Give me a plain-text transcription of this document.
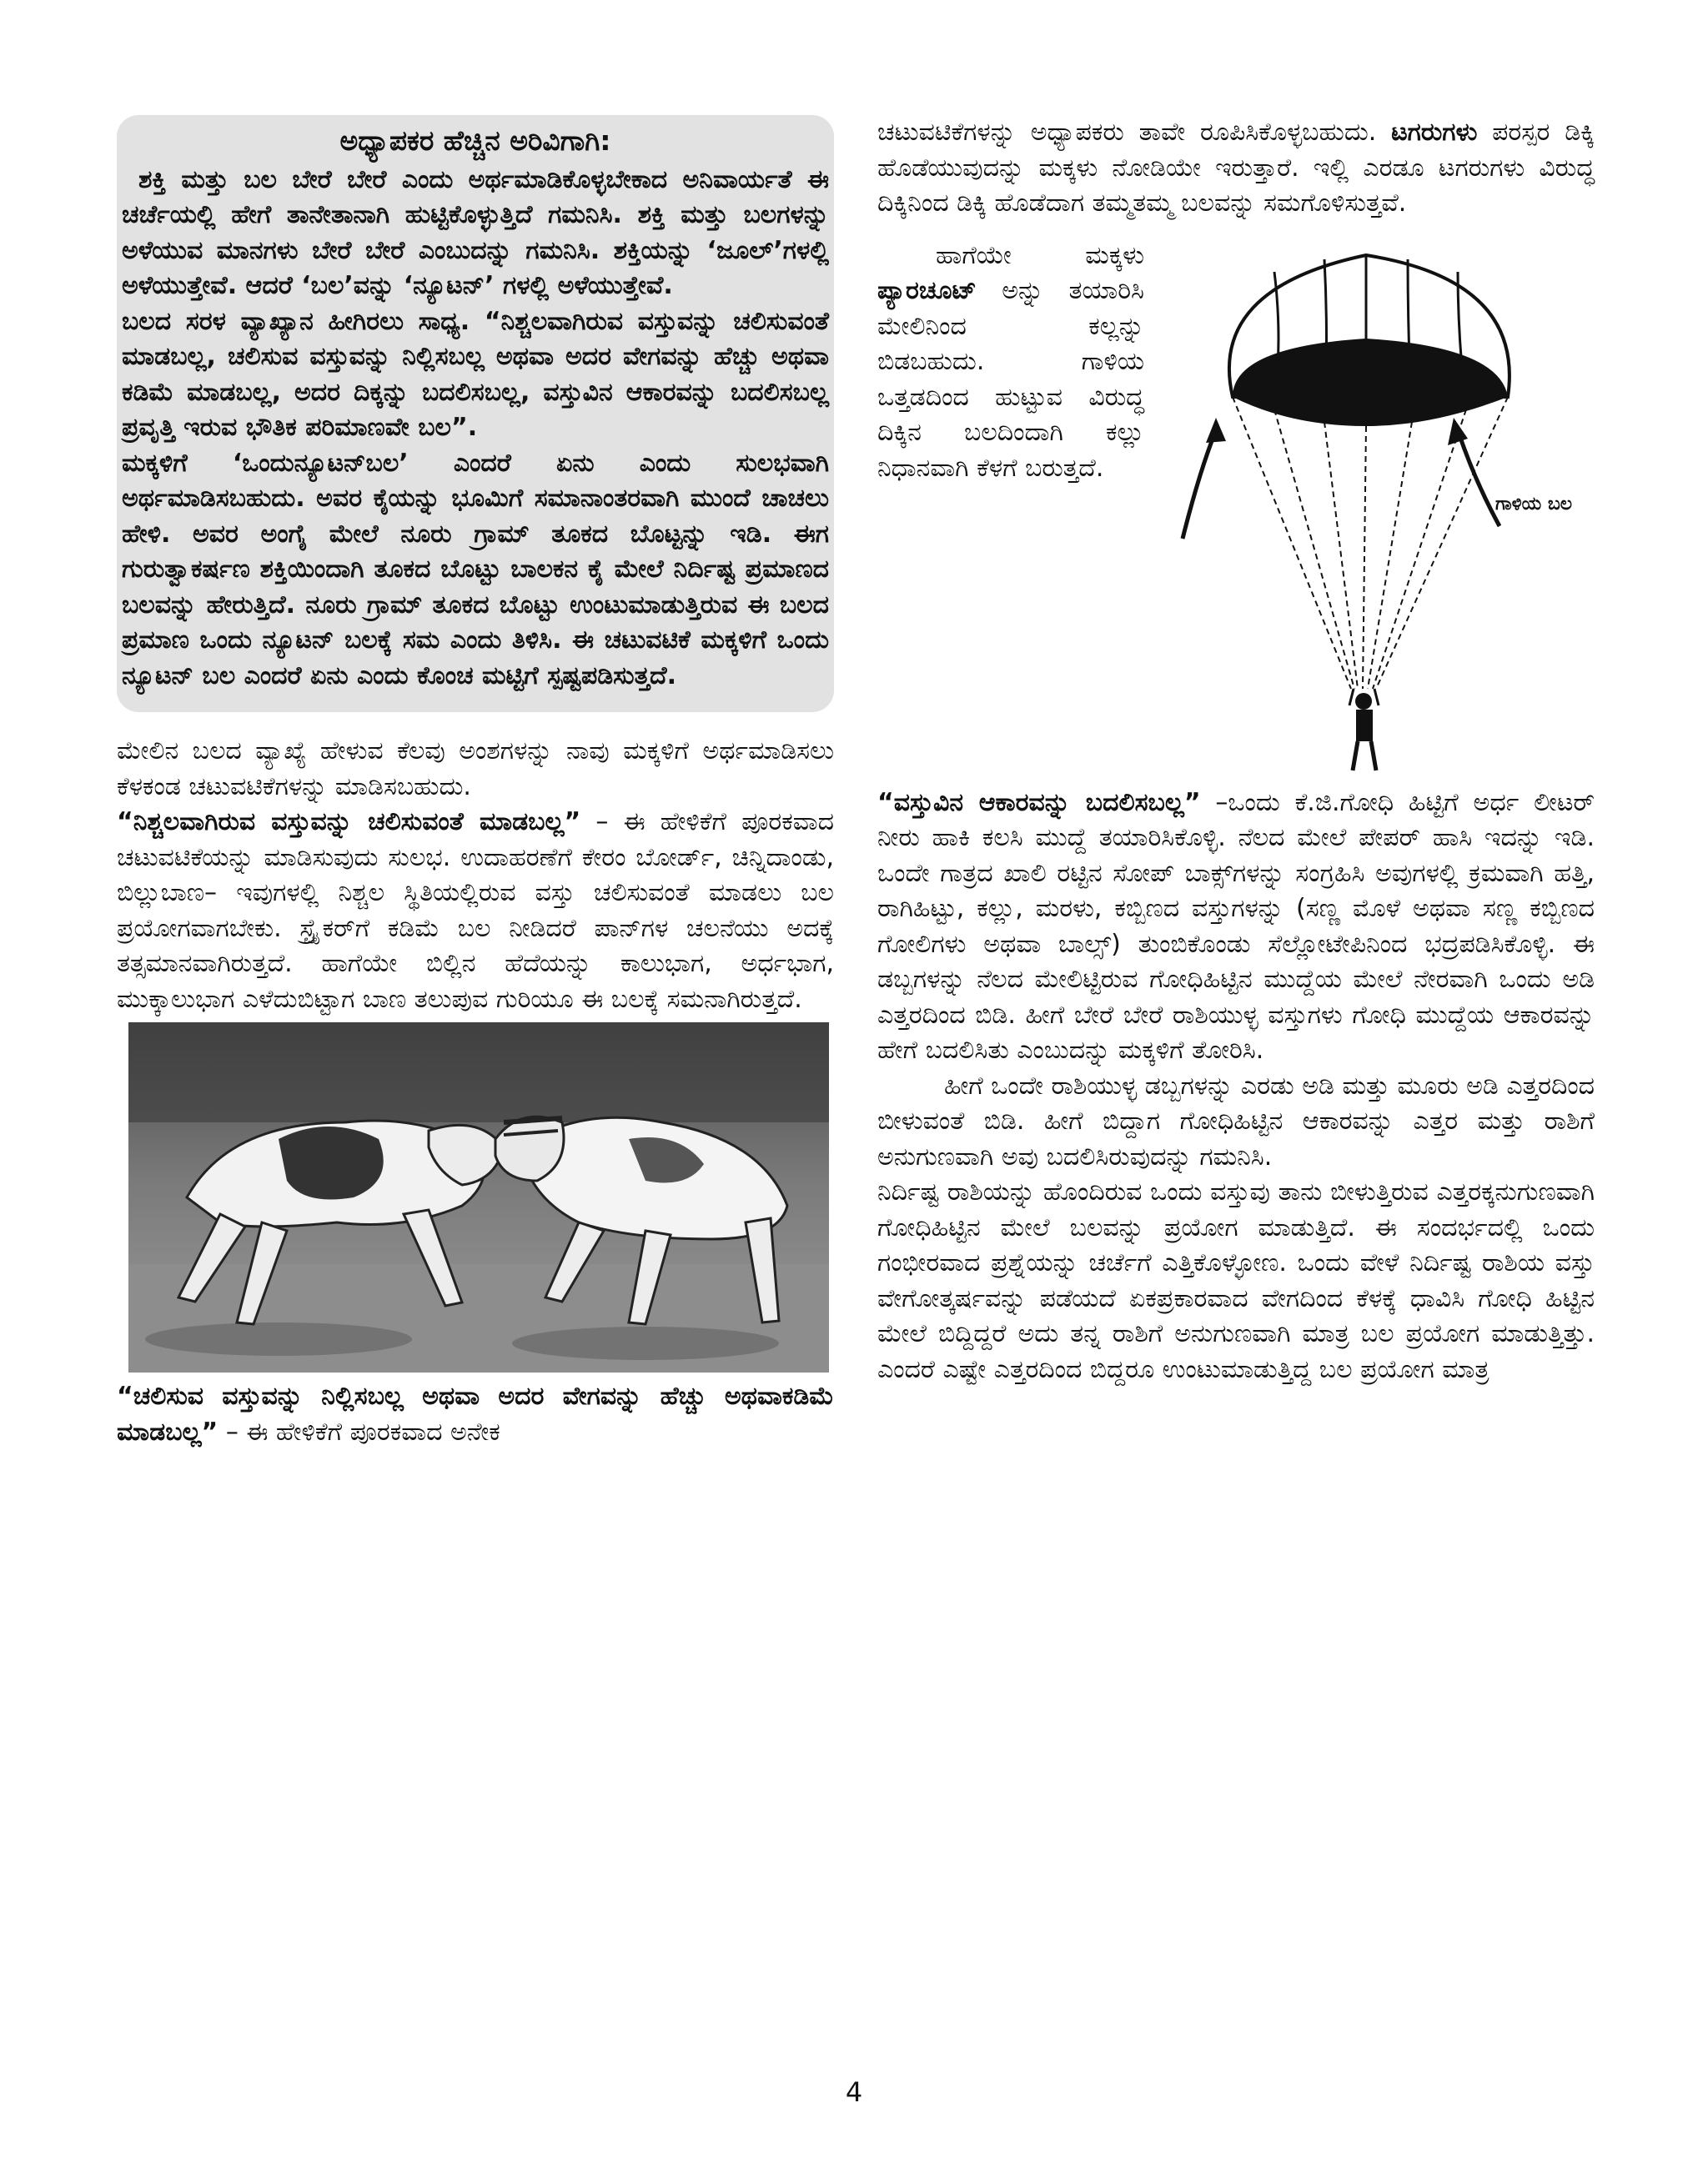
ಅಧ್ಯಾಪಕರ ಹೆಚ್ಚಿನ ಅರಿವಿಗಾಗಿ:

ಶಕ್ತಿ ಮತ್ತು ಬಲ ಬೇರೆ ಬೇರೆ ಎಂದು ಅರ್ಥಮಾಡಿಕೊಳ್ಳಬೇಕಾದ ಅನಿವಾರ್ಯತೆ ಈ ಚರ್ಚೆಯಲ್ಲಿ ಹೇಗೆ ತಾನೇತಾನಾಗಿ ಹುಟ್ಟಿಕೊಳ್ಳುತ್ತಿದೆ ಗಮನಿಸಿ. ಶಕ್ತಿ ಮತ್ತು ಬಲಗಳನ್ನು ಅಳೆಯುವ ಮಾನಗಳು ಬೇರೆ ಬೇರೆ ಎಂಬುದನ್ನು ಗಮನಿಸಿ. ಶಕ್ತಿಯನ್ನು ‘ಜೂಲ್’ಗಳಲ್ಲಿ ಅಳೆಯುತ್ತೇವೆ. ಆದರೆ ‘ಬಲ’ವನ್ನು ‘ನ್ಯೂಟನ್’ ಗಳಲ್ಲಿ ಅಳೆಯುತ್ತೇವೆ.

ಬಲದ ಸರಳ ವ್ಯಾಖ್ಯಾನ ಹೀಗಿರಲು ಸಾಧ್ಯ. “ನಿಶ್ಚಲವಾಗಿರುವ ವಸ್ತುವನ್ನು ಚಲಿಸುವಂತೆ ಮಾಡಬಲ್ಲ, ಚಲಿಸುವ ವಸ್ತುವನ್ನು ನಿಲ್ಲಿಸಬಲ್ಲ ಅಥವಾ ಅದರ ವೇಗವನ್ನು ಹೆಚ್ಚು ಅಥವಾ ಕಡಿಮೆ ಮಾಡಬಲ್ಲ, ಅದರ ದಿಕ್ಕನ್ನು ಬದಲಿಸಬಲ್ಲ, ವಸ್ತುವಿನ ಆಕಾರವನ್ನು ಬದಲಿಸಬಲ್ಲ ಪ್ರವೃತ್ತಿ ಇರುವ ಭೌತಿಕ ಪರಿಮಾಣವೇ ಬಲ”.

ಮಕ್ಕಳಿಗೆ ‘ಒಂದುನ್ಯೂಟನ್‌ಬಲ’ ಎಂದರೆ ಏನು ಎಂದು ಸುಲಭವಾಗಿ ಅರ್ಥಮಾಡಿಸಬಹುದು. ಅವರ ಕೈಯನ್ನು ಭೂಮಿಗೆ ಸಮಾನಾಂತರವಾಗಿ ಮುಂದೆ ಚಾಚಲು ಹೇಳಿ. ಅವರ ಅಂಗೈ ಮೇಲೆ ನೂರು ಗ್ರಾಮ್ ತೂಕದ ಬೊಟ್ಟನ್ನು ಇಡಿ. ಈಗ ಗುರುತ್ವಾಕರ್ಷಣ ಶಕ್ತಿಯಿಂದಾಗಿ ತೂಕದ ಬೊಟ್ಟು ಬಾಲಕನ ಕೈ ಮೇಲೆ ನಿರ್ದಿಷ್ಟ ಪ್ರಮಾಣದ ಬಲವನ್ನು ಹೇರುತ್ತಿದೆ. ನೂರು ಗ್ರಾಮ್ ತೂಕದ ಬೊಟ್ಟು ಉಂಟುಮಾಡುತ್ತಿರುವ ಈ ಬಲದ ಪ್ರಮಾಣ ಒಂದು ನ್ಯೂಟನ್ ಬಲಕ್ಕೆ ಸಮ ಎಂದು ತಿಳಿಸಿ. ಈ ಚಟುವಟಿಕೆ ಮಕ್ಕಳಿಗೆ ಒಂದು ನ್ಯೂಟನ್ ಬಲ ಎಂದರೆ ಏನು ಎಂದು ಕೊಂಚ ಮಟ್ಟಿಗೆ ಸ್ಪಷ್ಟಪಡಿಸುತ್ತದೆ.

ಮೇಲಿನ ಬಲದ ವ್ಯಾಖ್ಯೆ ಹೇಳುವ ಕೆಲವು ಅಂಶಗಳನ್ನು ನಾವು ಮಕ್ಕಳಿಗೆ ಅರ್ಥಮಾಡಿಸಲು ಕೆಳಕಂಡ ಚಟುವಟಿಕೆಗಳನ್ನು ಮಾಡಿಸಬಹುದು.

“ನಿಶ್ಚಲವಾಗಿರುವ ವಸ್ತುವನ್ನು ಚಲಿಸುವಂತೆ ಮಾಡಬಲ್ಲ” – ಈ ಹೇಳಿಕೆಗೆ ಪೂರಕವಾದ ಚಟುವಟಿಕೆಯನ್ನು ಮಾಡಿಸುವುದು ಸುಲಭ. ಉದಾಹರಣೆಗೆ ಕೇರಂ ಬೋರ್ಡ್, ಚಿನ್ನಿದಾಂಡು, ಬಿಲ್ಲುಬಾಣ– ಇವುಗಳಲ್ಲಿ ನಿಶ್ಚಲ ಸ್ಥಿತಿಯಲ್ಲಿರುವ ವಸ್ತು ಚಲಿಸುವಂತೆ ಮಾಡಲು ಬಲ ಪ್ರಯೋಗವಾಗಬೇಕು. ಸ್ಟ್ರೈಕರ್‌ಗೆ ಕಡಿಮೆ ಬಲ ನೀಡಿದರೆ ಪಾನ್‌ಗಳ ಚಲನೆಯು ಅದಕ್ಕೆ ತತ್ಸಮಾನವಾಗಿರುತ್ತದೆ. ಹಾಗೆಯೇ ಬಿಲ್ಲಿನ ಹೆದೆಯನ್ನು ಕಾಲುಭಾಗ, ಅರ್ಧಭಾಗ, ಮುಕ್ಕಾಲುಭಾಗ ಎಳೆದುಬಿಟ್ಟಾಗ ಬಾಣ ತಲುಪುವ ಗುರಿಯೂ ಈ ಬಲಕ್ಕೆ ಸಮನಾಗಿರುತ್ತದೆ.

“ಚಲಿಸುವ ವಸ್ತುವನ್ನು ನಿಲ್ಲಿಸಬಲ್ಲ ಅಥವಾ ಅದರ ವೇಗವನ್ನು ಹೆಚ್ಚು ಅಥವಾಕಡಿಮೆ ಮಾಡಬಲ್ಲ” – ಈ ಹೇಳಿಕೆಗೆ ಪೂರಕವಾದ ಅನೇಕ

ಚಟುವಟಿಕೆಗಳನ್ನು ಅಧ್ಯಾಪಕರು ತಾವೇ ರೂಪಿಸಿಕೊಳ್ಳಬಹುದು. ಟಗರುಗಳು ಪರಸ್ಪರ ಡಿಕ್ಕಿ ಹೊಡೆಯುವುದನ್ನು ಮಕ್ಕಳು ನೋಡಿಯೇ ಇರುತ್ತಾರೆ. ಇಲ್ಲಿ ಎರಡೂ ಟಗರುಗಳು ವಿರುದ್ಧ ದಿಕ್ಕಿನಿಂದ ಡಿಕ್ಕಿ ಹೊಡೆದಾಗ ತಮ್ಮತಮ್ಮ ಬಲವನ್ನು ಸಮಗೊಳಿಸುತ್ತವೆ.

ಹಾಗೆಯೇ ಮಕ್ಕಳು ಪ್ಯಾರಚೂಟ್ ಅನ್ನು ತಯಾರಿಸಿ ಮೇಲಿನಿಂದ ಕಲ್ಲನ್ನು ಬಿಡಬಹುದು. ಗಾಳಿಯ ಒತ್ತಡದಿಂದ ಹುಟ್ಟುವ ವಿರುದ್ಧ ದಿಕ್ಕಿನ ಬಲದಿಂದಾಗಿ ಕಲ್ಲು ನಿಧಾನವಾಗಿ ಕೆಳಗೆ ಬರುತ್ತದೆ.

ಗಾಳಿಯ ಬಲ

“ವಸ್ತುವಿನ ಆಕಾರವನ್ನು ಬದಲಿಸಬಲ್ಲ” –ಒಂದು ಕೆ.ಜಿ.ಗೋಧಿ ಹಿಟ್ಟಿಗೆ ಅರ್ಧ ಲೀಟರ್ ನೀರು ಹಾಕಿ ಕಲಸಿ ಮುದ್ದೆ ತಯಾರಿಸಿಕೊಳ್ಳಿ. ನೆಲದ ಮೇಲೆ ಪೇಪರ್ ಹಾಸಿ ಇದನ್ನು ಇಡಿ. ಒಂದೇ ಗಾತ್ರದ ಖಾಲಿ ರಟ್ಟಿನ ಸೋಪ್ ಬಾಕ್ಸ್‌ಗಳನ್ನು ಸಂಗ್ರಹಿಸಿ ಅವುಗಳಲ್ಲಿ ಕ್ರಮವಾಗಿ ಹತ್ತಿ, ರಾಗಿಹಿಟ್ಟು, ಕಲ್ಲು, ಮರಳು, ಕಬ್ಬಿಣದ ವಸ್ತುಗಳನ್ನು (ಸಣ್ಣ ಮೊಳೆ ಅಥವಾ ಸಣ್ಣ ಕಬ್ಬಿಣದ ಗೋಲಿಗಳು ಅಥವಾ ಬಾಲ್ಸ್) ತುಂಬಿಕೊಂಡು ಸೆಲ್ಲೋಟೇಪಿನಿಂದ ಭದ್ರಪಡಿಸಿಕೊಳ್ಳಿ. ಈ ಡಬ್ಬಗಳನ್ನು ನೆಲದ ಮೇಲಿಟ್ಟಿರುವ ಗೋಧಿಹಿಟ್ಟಿನ ಮುದ್ದೆಯ ಮೇಲೆ ನೇರವಾಗಿ ಒಂದು ಅಡಿ ಎತ್ತರದಿಂದ ಬಿಡಿ. ಹೀಗೆ ಬೇರೆ ಬೇರೆ ರಾಶಿಯುಳ್ಳ ವಸ್ತುಗಳು ಗೋಧಿ ಮುದ್ದೆಯ ಆಕಾರವನ್ನು ಹೇಗೆ ಬದಲಿಸಿತು ಎಂಬುದನ್ನು ಮಕ್ಕಳಿಗೆ ತೋರಿಸಿ.

ಹೀಗೆ ಒಂದೇ ರಾಶಿಯುಳ್ಳ ಡಬ್ಬಗಳನ್ನು ಎರಡು ಅಡಿ ಮತ್ತು ಮೂರು ಅಡಿ ಎತ್ತರದಿಂದ ಬೀಳುವಂತೆ ಬಿಡಿ. ಹೀಗೆ ಬಿದ್ದಾಗ ಗೋಧಿಹಿಟ್ಟಿನ ಆಕಾರವನ್ನು ಎತ್ತರ ಮತ್ತು ರಾಶಿಗೆ ಅನುಗುಣವಾಗಿ ಅವು ಬದಲಿಸಿರುವುದನ್ನು ಗಮನಿಸಿ.

ನಿರ್ದಿಷ್ಟ ರಾಶಿಯನ್ನು ಹೊಂದಿರುವ ಒಂದು ವಸ್ತುವು ತಾನು ಬೀಳುತ್ತಿರುವ ಎತ್ತರಕ್ಕನುಗುಣವಾಗಿ ಗೋಧಿಹಿಟ್ಟಿನ ಮೇಲೆ ಬಲವನ್ನು ಪ್ರಯೋಗ ಮಾಡುತ್ತಿದೆ. ಈ ಸಂದರ್ಭದಲ್ಲಿ ಒಂದು ಗಂಭೀರವಾದ ಪ್ರಶ್ನೆಯನ್ನು ಚರ್ಚೆಗೆ ಎತ್ತಿಕೊಳ್ಳೋಣ. ಒಂದು ವೇಳೆ ನಿರ್ದಿಷ್ಟ ರಾಶಿಯ ವಸ್ತು ವೇಗೋತ್ಕರ್ಷವನ್ನು ಪಡೆಯದೆ ಏಕಪ್ರಕಾರವಾದ ವೇಗದಿಂದ ಕೆಳಕ್ಕೆ ಧಾವಿಸಿ ಗೋಧಿ ಹಿಟ್ಟಿನ ಮೇಲೆ ಬಿದ್ದಿದ್ದರೆ ಅದು ತನ್ನ ರಾಶಿಗೆ ಅನುಗುಣವಾಗಿ ಮಾತ್ರ ಬಲ ಪ್ರಯೋಗ ಮಾಡುತ್ತಿತ್ತು. ಎಂದರೆ ಎಷ್ಟೇ ಎತ್ತರದಿಂದ ಬಿದ್ದರೂ ಉಂಟುಮಾಡುತ್ತಿದ್ದ ಬಲ ಪ್ರಯೋಗ ಮಾತ್ರ

4
